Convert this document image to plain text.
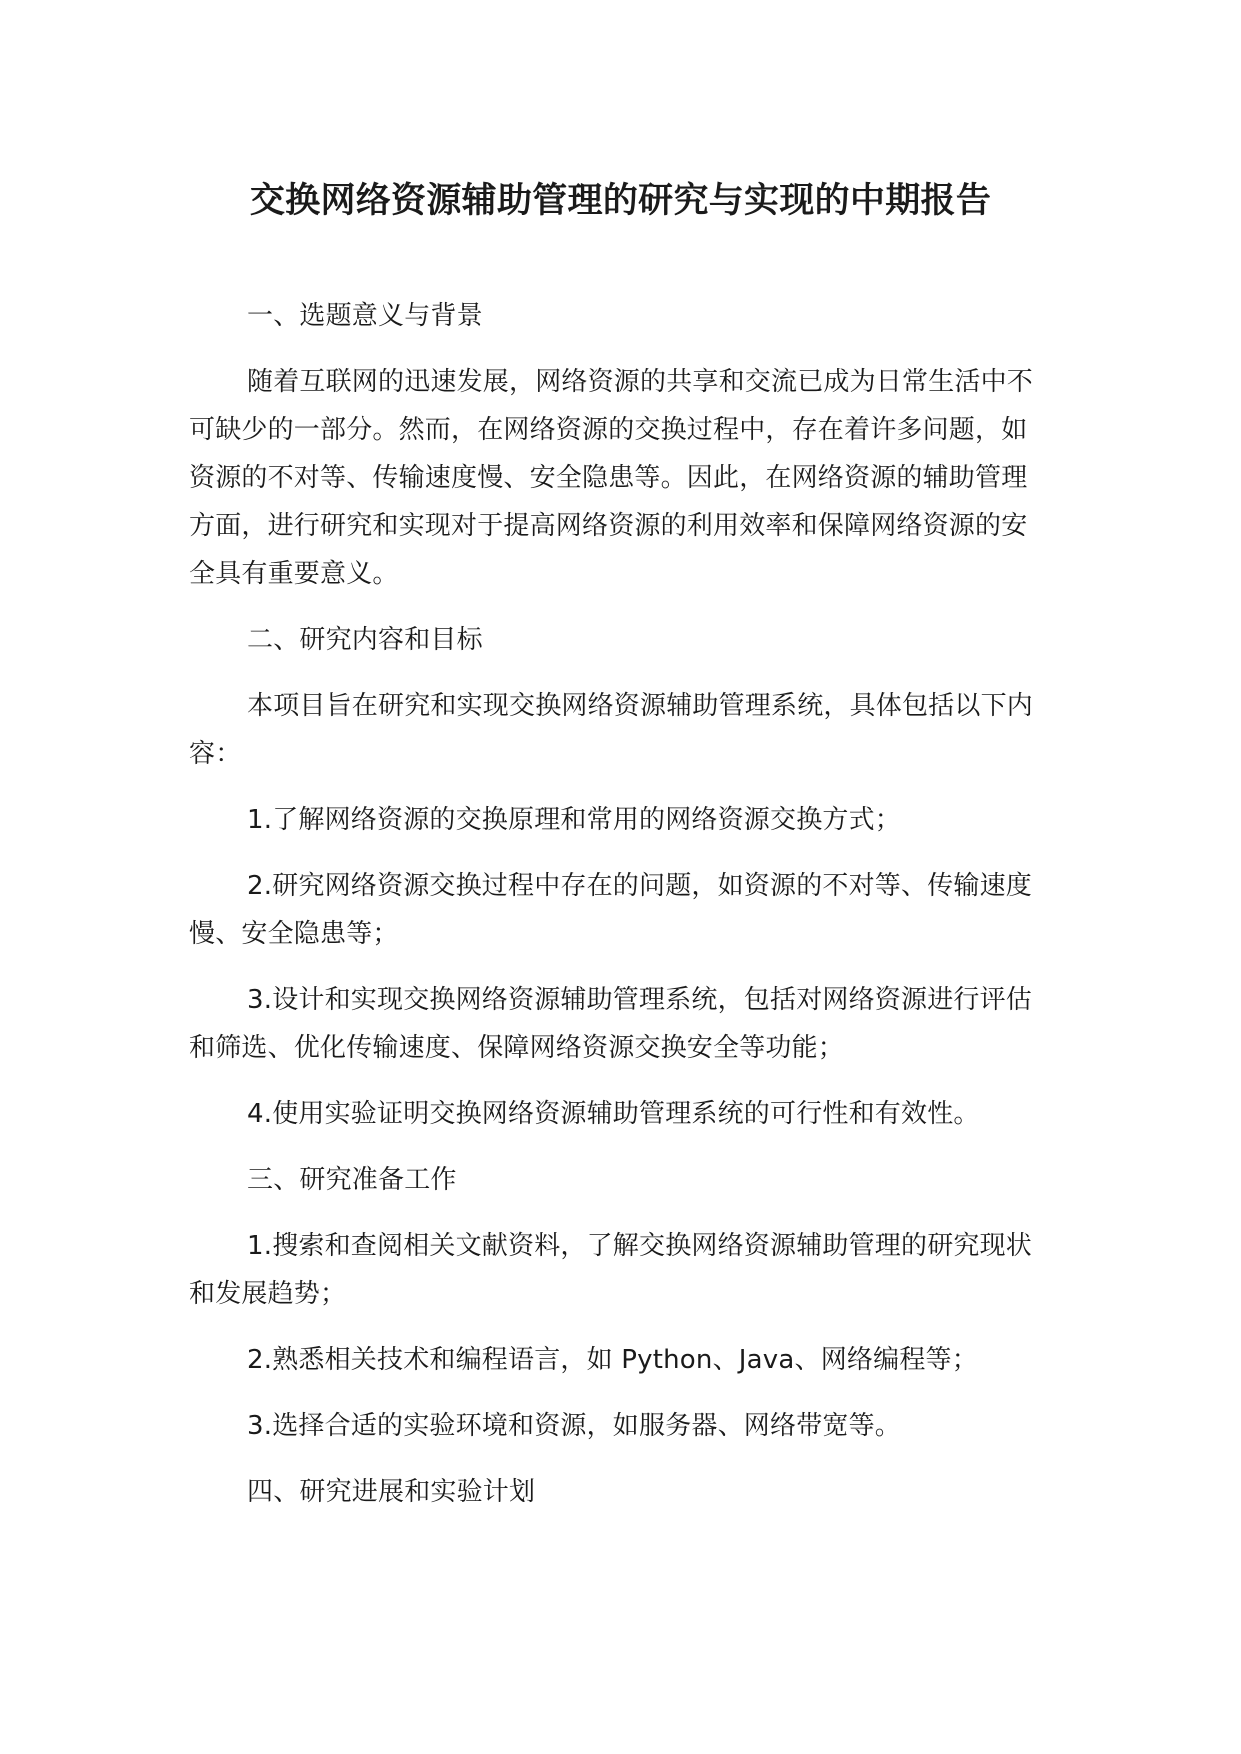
交换网络资源辅助管理的研究与实现的中期报告

一、选题意义与背景

随着互联网的迅速发展，网络资源的共享和交流已成为日常生活中不可缺少的一部分。然而，在网络资源的交换过程中，存在着许多问题，如资源的不对等、传输速度慢、安全隐患等。因此，在网络资源的辅助管理方面，进行研究和实现对于提高网络资源的利用效率和保障网络资源的安全具有重要意义。

二、研究内容和目标

本项目旨在研究和实现交换网络资源辅助管理系统，具体包括以下内容：

1.了解网络资源的交换原理和常用的网络资源交换方式；

2.研究网络资源交换过程中存在的问题，如资源的不对等、传输速度慢、安全隐患等；

3.设计和实现交换网络资源辅助管理系统，包括对网络资源进行评估和筛选、优化传输速度、保障网络资源交换安全等功能；

4.使用实验证明交换网络资源辅助管理系统的可行性和有效性。

三、研究准备工作

1.搜索和查阅相关文献资料，了解交换网络资源辅助管理的研究现状和发展趋势；

2.熟悉相关技术和编程语言，如 Python、Java、网络编程等；

3.选择合适的实验环境和资源，如服务器、网络带宽等。

四、研究进展和实验计划
